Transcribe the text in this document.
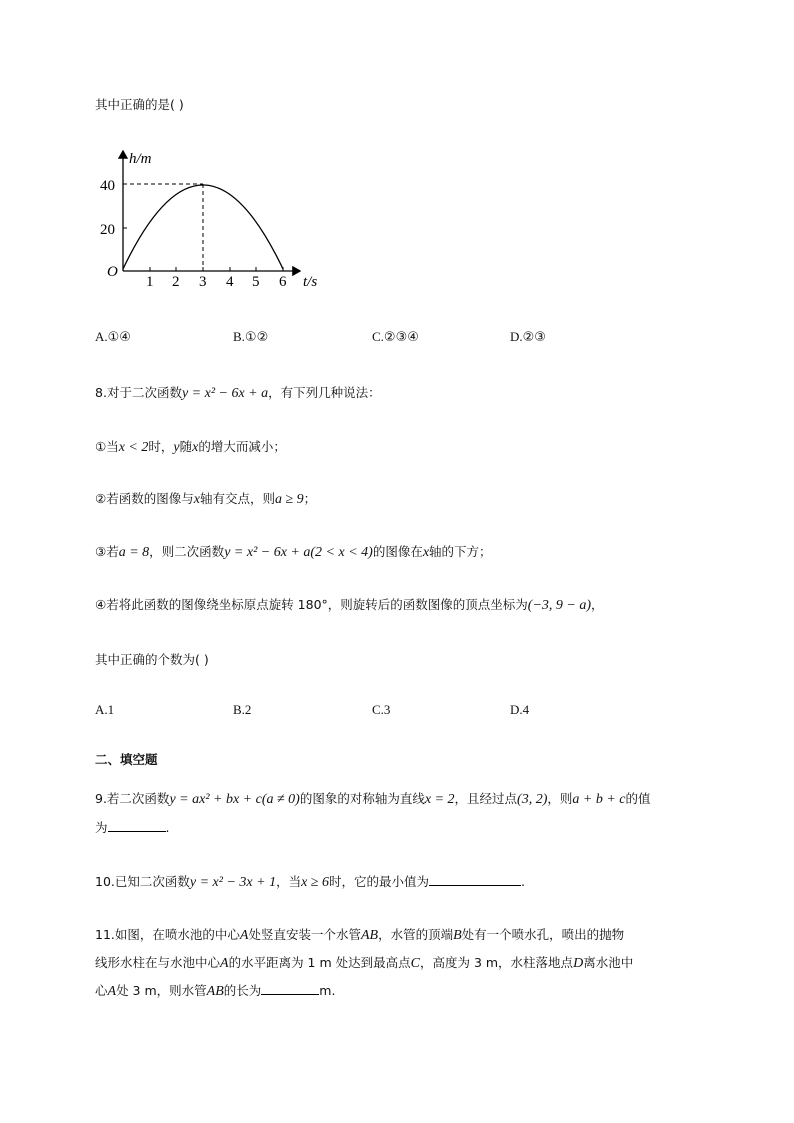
其中正确的是( )
h/m
t/s
O
20
40
1 2 3 4 5 6
A.①④	B.①②	C.②③④	D.②③
8.对于二次函数y = x² − 6x + a，有下列几种说法：
①当x < 2时，y随x的增大而减小；
②若函数的图像与x轴有交点，则a ≥ 9；
③若a = 8，则二次函数y = x² − 6x + a(2 < x < 4)的图像在x轴的下方；
④若将此函数的图像绕坐标原点旋转 180°，则旋转后的函数图像的顶点坐标为(−3, 9 − a)，
其中正确的个数为( )
A.1	B.2	C.3	D.4
二、填空题
9.若二次函数y = ax² + bx + c(a ≠ 0)的图象的对称轴为直线x = 2，且经过点(3, 2)，则a + b + c的值
为	.
10.已知二次函数y = x² − 3x + 1，当x ≥ 6时，它的最小值为	.
11.如图，在喷水池的中心A处竖直安装一个水管AB，水管的顶端B处有一个喷水孔，喷出的抛物
线形水柱在与水池中心A的水平距离为 1 m 处达到最高点C，高度为 3 m，水柱落地点D离水池中
心A处 3 m，则水管AB的长为	m.
